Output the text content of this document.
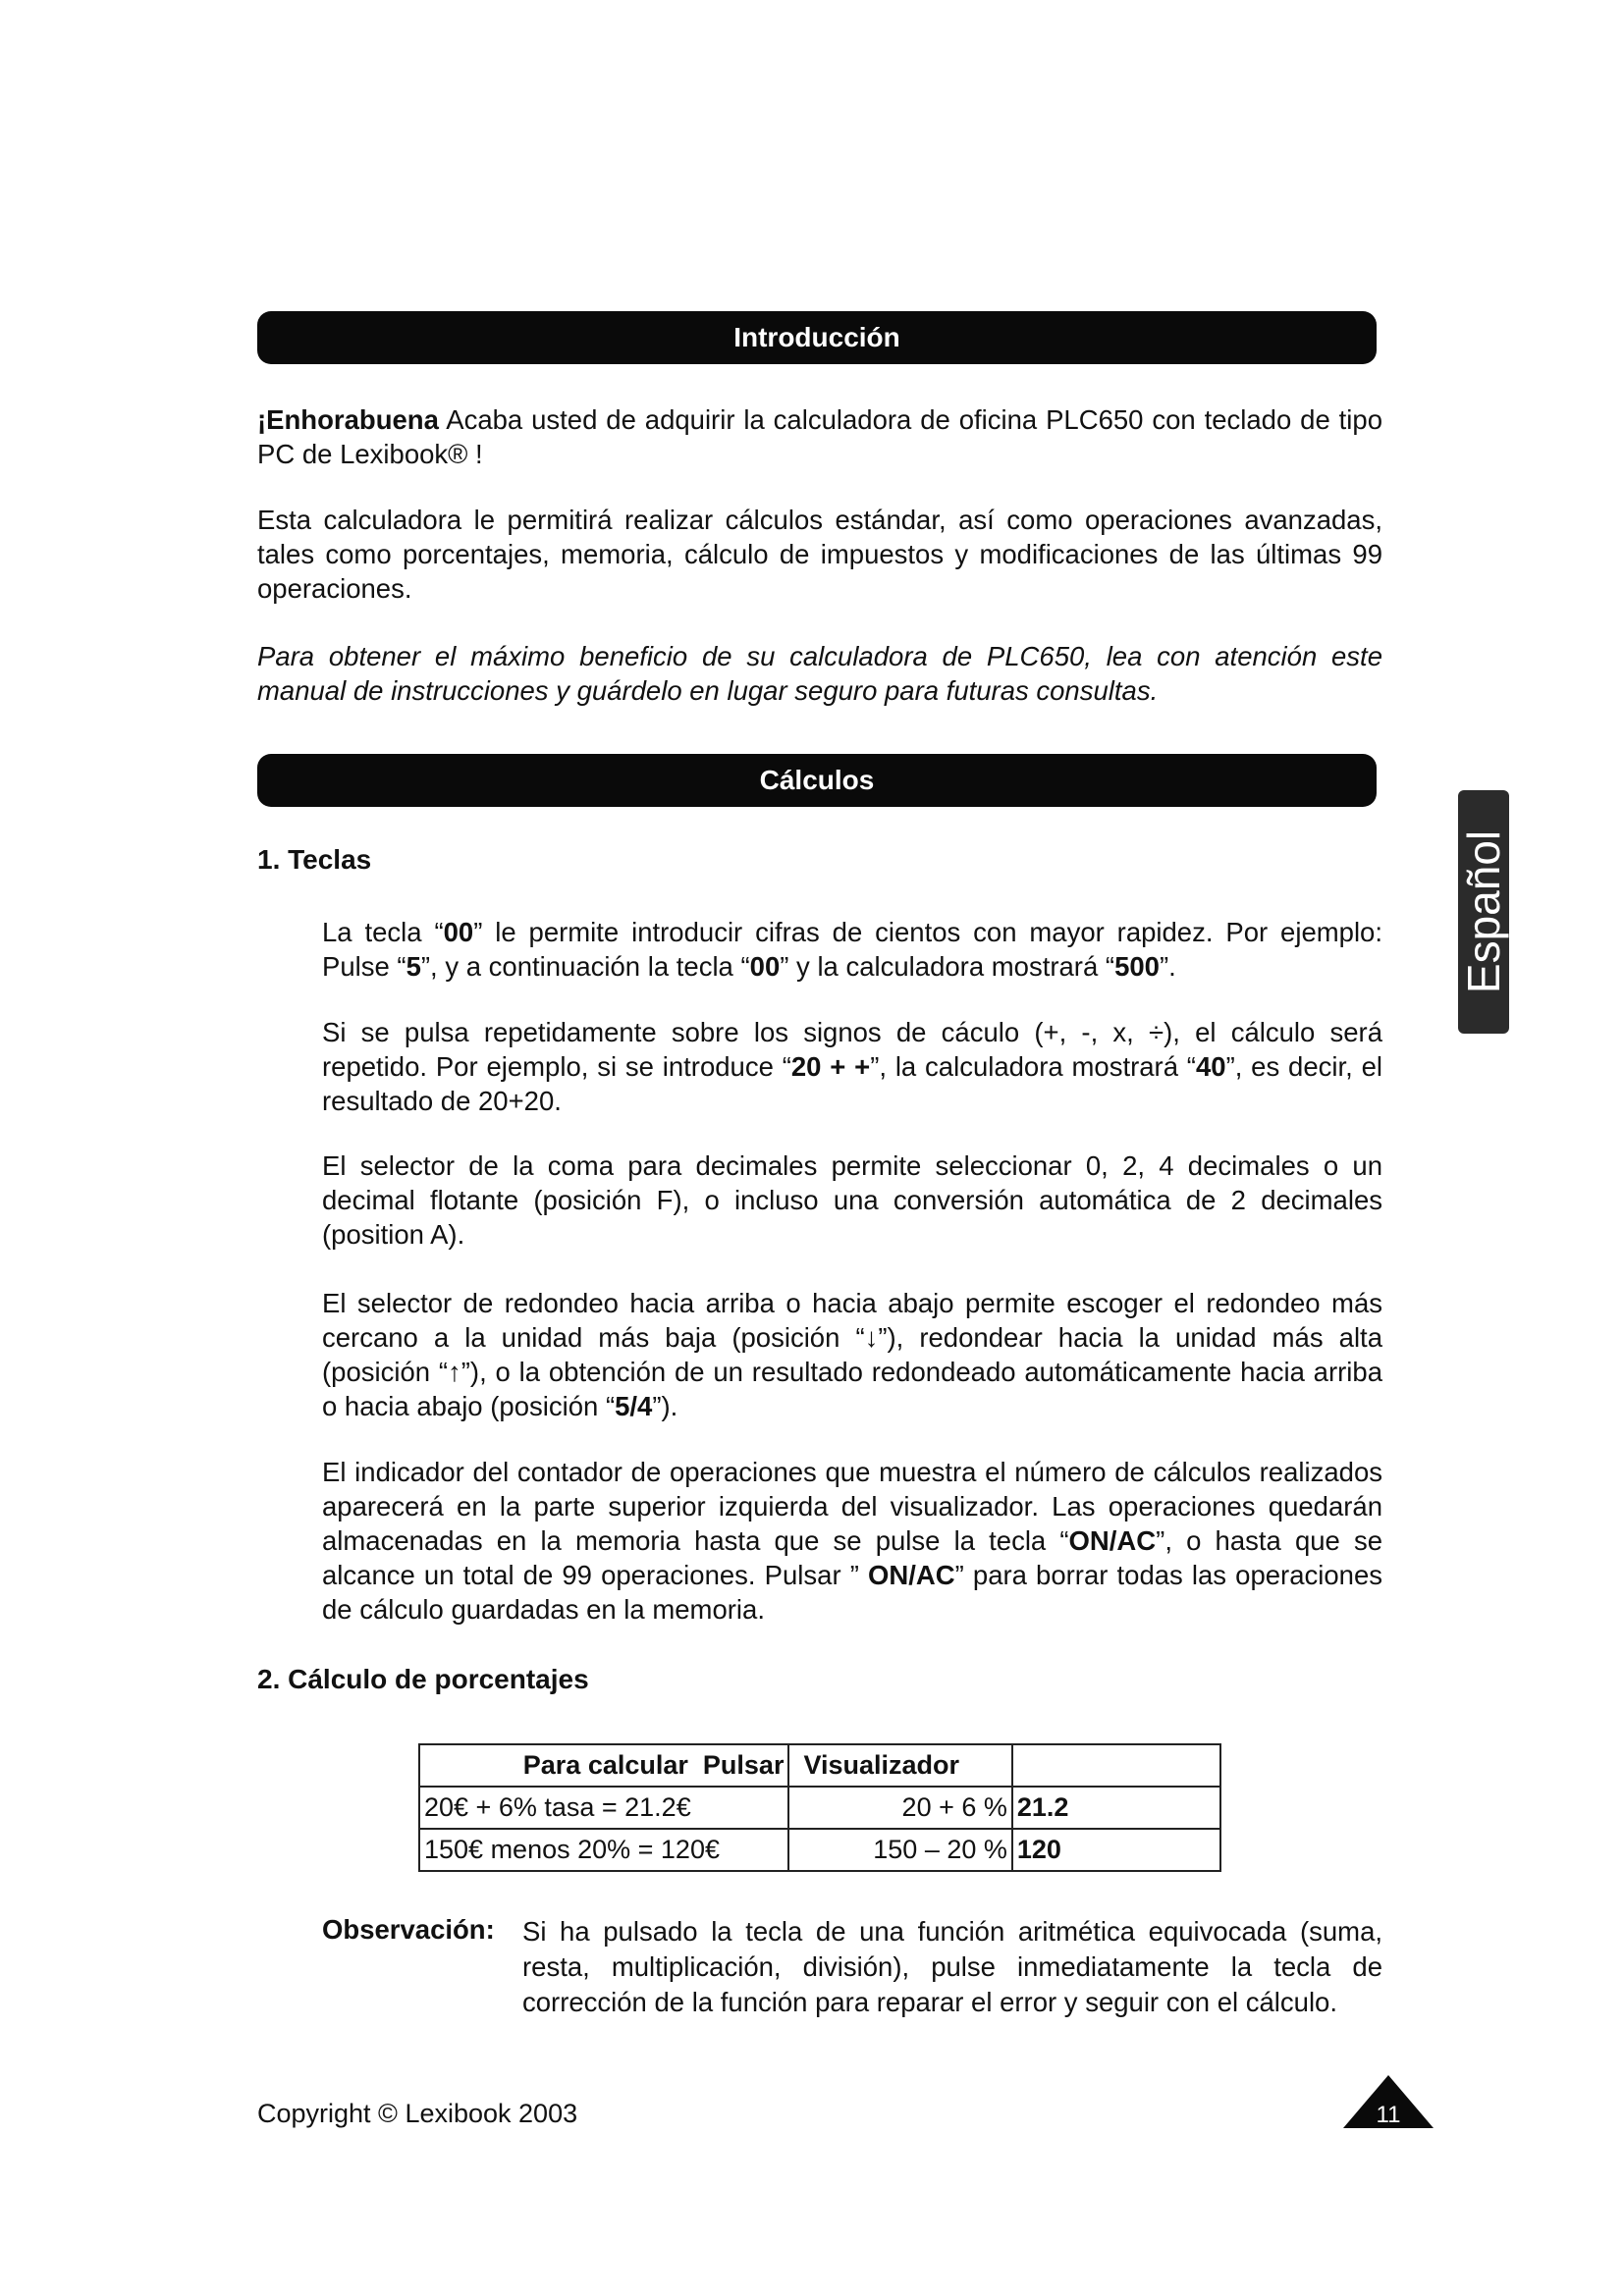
Introducción

¡Enhorabuena Acaba usted de adquirir la calculadora de oficina PLC650 con teclado de tipo PC de Lexibook® !

Esta calculadora le permitirá realizar cálculos estándar, así como operaciones avanzadas, tales como porcentajes, memoria, cálculo de impuestos y modificaciones de las últimas 99 operaciones.

Para obtener el máximo beneficio de su calculadora de PLC650, lea con atención este manual de instrucciones y guárdelo en lugar seguro para futuras consultas.

Cálculos
Español
1. Teclas

La tecla “00” le permite introducir cifras de cientos con mayor rapidez. Por ejemplo: Pulse “5”, y a continuación la tecla “00” y la calculadora mostrará “500”.

Si se pulsa repetidamente sobre los signos de cáculo (+, -, x, ÷), el cálculo será repetido. Por ejemplo, si se introduce “20 + +”, la calculadora mostrará “40”, es decir, el resultado de 20+20.

El selector de la coma para decimales permite seleccionar 0, 2, 4 decimales o un decimal flotante (posición F), o incluso una conversión automática de 2 decimales (position A).

El selector de redondeo hacia arriba o hacia abajo permite escoger el redondeo más cercano a la unidad más baja (posición “↓”), redondear hacia la unidad más alta (posición “↑”), o la obtención de un resultado redondeado automáticamente hacia arriba o hacia abajo (posición “5/4”).

El indicador del contador de operaciones que muestra el número de cálculos realizados aparecerá en la parte superior izquierda del visualizador. Las operaciones quedarán almacenadas en la memoria hasta que se pulse la tecla “ON/AC”, o hasta que se alcance un total de 99 operaciones. Pulsar ” ON/AC” para borrar todas las operaciones de cálculo guardadas en la memoria.

2. Cálculo de porcentajes
Para calcular Pulsar	Visualizador	
20€ + 6% tasa = 21.2€	20 + 6 %	21.2
150€ menos 20% = 120€	150 – 20 %	120
Observación: Si ha pulsado la tecla de una función aritmética equivocada (suma, resta, multiplicación, división), pulse inmediatamente la tecla de corrección de la función para reparar el error y seguir con el cálculo.

Copyright © Lexibook 2003	11
